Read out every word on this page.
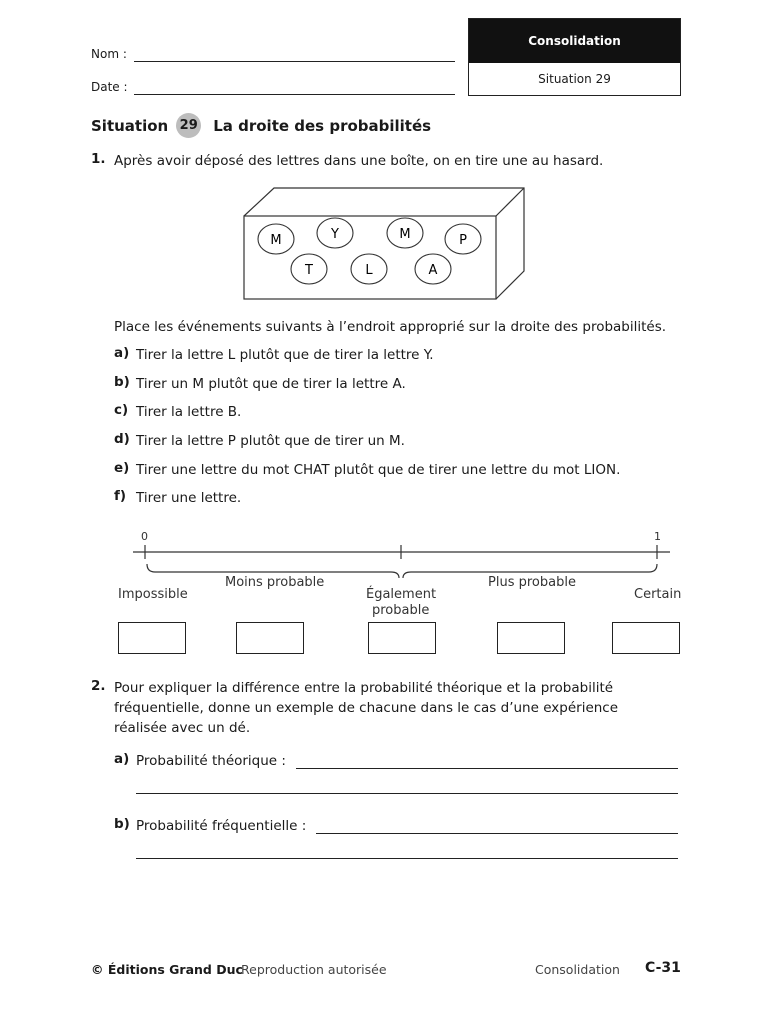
Nom :
Date :
Consolidation
Situation 29
Situation 29 La droite des probabilités
1. Après avoir déposé des lettres dans une boîte, on en tire une au hasard.
M	Y	M	P
T	L	A
Place les événements suivants à l’endroit approprié sur la droite des probabilités.
a) Tirer la lettre L plutôt que de tirer la lettre Y.
b) Tirer un M plutôt que de tirer la lettre A.
c) Tirer la lettre B.
d) Tirer la lettre P plutôt que de tirer un M.
e) Tirer une lettre du mot CHAT plutôt que de tirer une lettre du mot LION.
f) Tirer une lettre.
0	1
Moins probable	Plus probable
Impossible	Également
probable
Certain
2. Pour expliquer la différence entre la probabilité théorique et la probabilité
fréquentielle, donne un exemple de chacune dans le cas d’une expérience
réalisée avec un dé.
a) Probabilité théorique :
b) Probabilité fréquentielle :
© Éditions Grand Duc
Reproduction autorisée	Consolidation C-31
